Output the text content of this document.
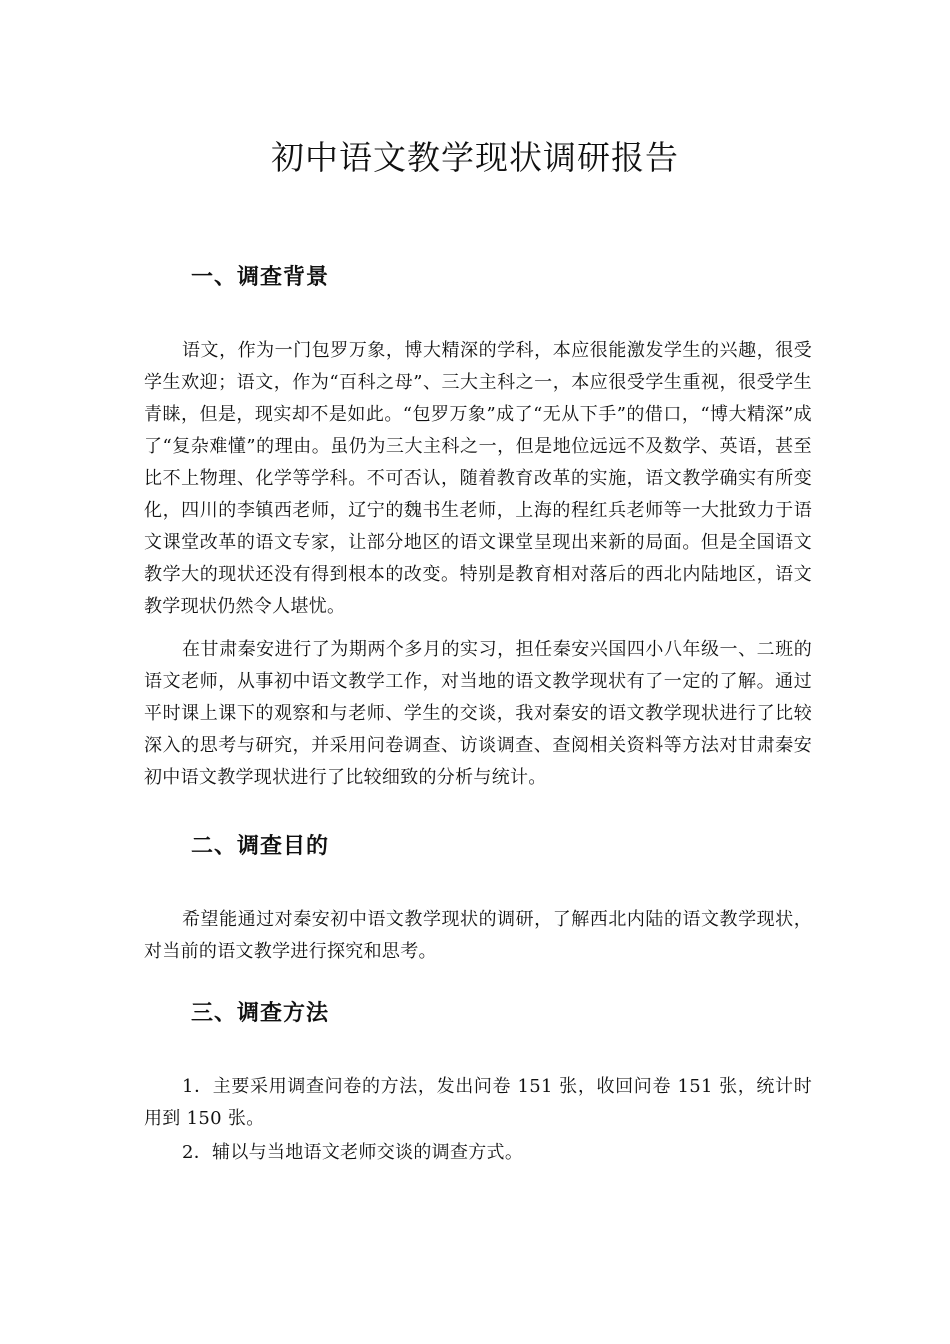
初中语文教学现状调研报告
一、调查背景

语文，作为一门包罗万象，博大精深的学科，本应很能激发学生的兴趣，很受学生欢迎；语文，作为“百科之母”、三大主科之一，本应很受学生重视，很受学生青睐，但是，现实却不是如此。“包罗万象”成了“无从下手”的借口，“博大精深”成了“复杂难懂”的理由。虽仍为三大主科之一，但是地位远远不及数学、英语，甚至比不上物理、化学等学科。不可否认，随着教育改革的实施，语文教学确实有所变化，四川的李镇西老师，辽宁的魏书生老师，上海的程红兵老师等一大批致力于语文课堂改革的语文专家，让部分地区的语文课堂呈现出来新的局面。但是全国语文教学大的现状还没有得到根本的改变。特别是教育相对落后的西北内陆地区，语文教学现状仍然令人堪忧。

在甘肃秦安进行了为期两个多月的实习，担任秦安兴国四小八年级一、二班的语文老师，从事初中语文教学工作，对当地的语文教学现状有了一定的了解。通过平时课上课下的观察和与老师、学生的交谈，我对秦安的语文教学现状进行了比较深入的思考与研究，并采用问卷调查、访谈调查、查阅相关资料等方法对甘肃秦安初中语文教学现状进行了比较细致的分析与统计。

二、调查目的

希望能通过对秦安初中语文教学现状的调研，了解西北内陆的语文教学现状，对当前的语文教学进行探究和思考。

三、调查方法

1．主要采用调查问卷的方法，发出问卷 151 张，收回问卷 151 张，统计时用到 150 张。

2．辅以与当地语文老师交谈的调查方式。
